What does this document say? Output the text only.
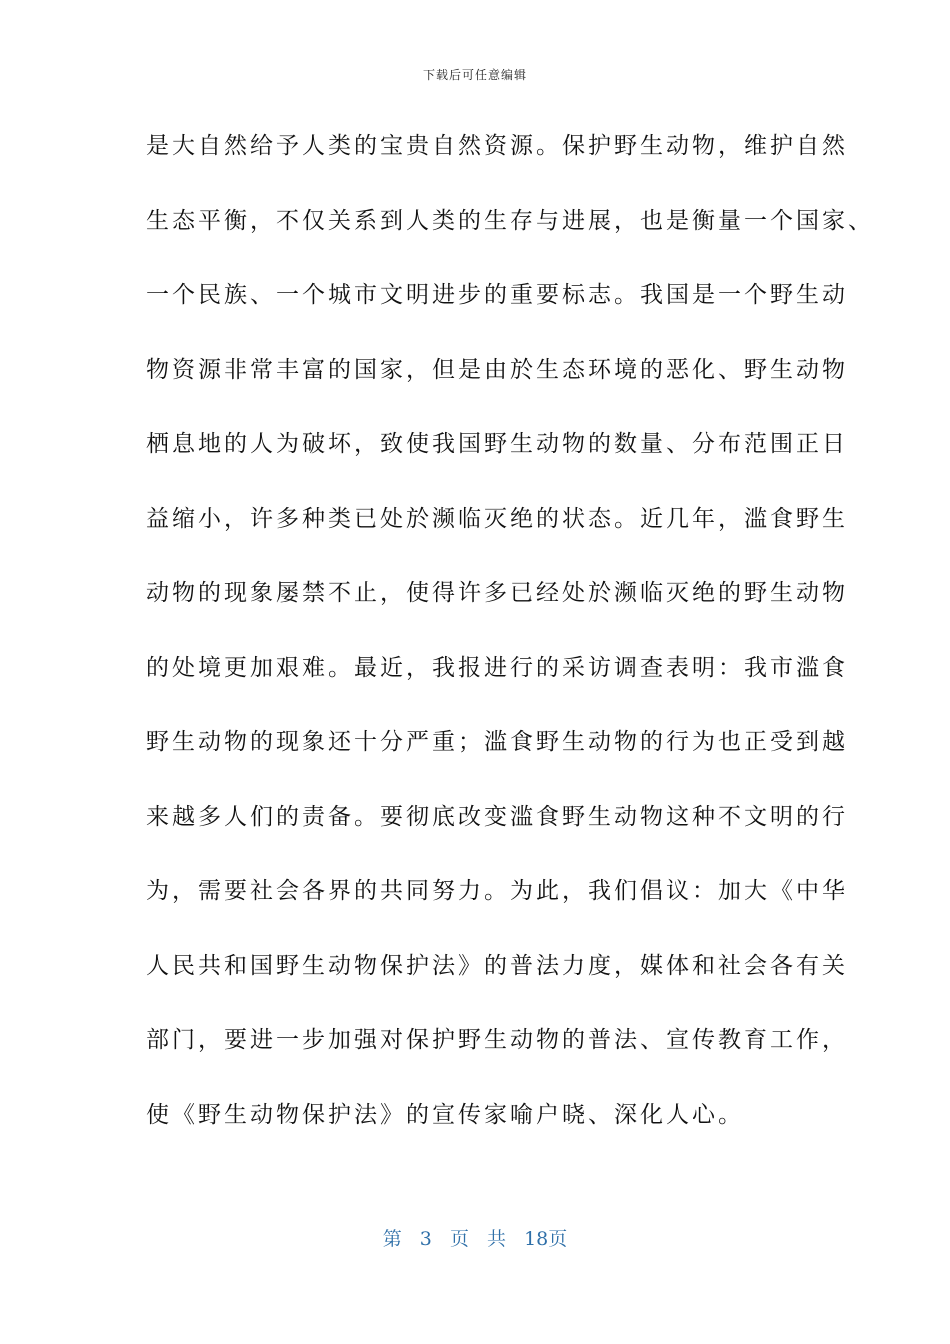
下载后可任意编辑
是大自然给予人类的宝贵自然资源。保护野生动物，维护自然
生态平衡，不仅关系到人类的生存与进展，也是衡量一个国家、
一个民族、一个城市文明进步的重要标志。我国是一个野生动
物资源非常丰富的国家，但是由於生态环境的恶化、野生动物
栖息地的人为破坏，致使我国野生动物的数量、分布范围正日
益缩小，许多种类已处於濒临灭绝的状态。近几年，滥食野生
动物的现象屡禁不止，使得许多已经处於濒临灭绝的野生动物
的处境更加艰难。最近，我报进行的采访调查表明：我市滥食
野生动物的现象还十分严重；滥食野生动物的行为也正受到越
来越多人们的责备。要彻底改变滥食野生动物这种不文明的行
为，需要社会各界的共同努力。为此，我们倡议：加大《中华
人民共和国野生动物保护法》的普法力度，媒体和社会各有关
部门，要进一步加强对保护野生动物的普法、宣传教育工作，
使《野生动物保护法》的宣传家喻户晓、深化人心。
第 3 页 共 18页
